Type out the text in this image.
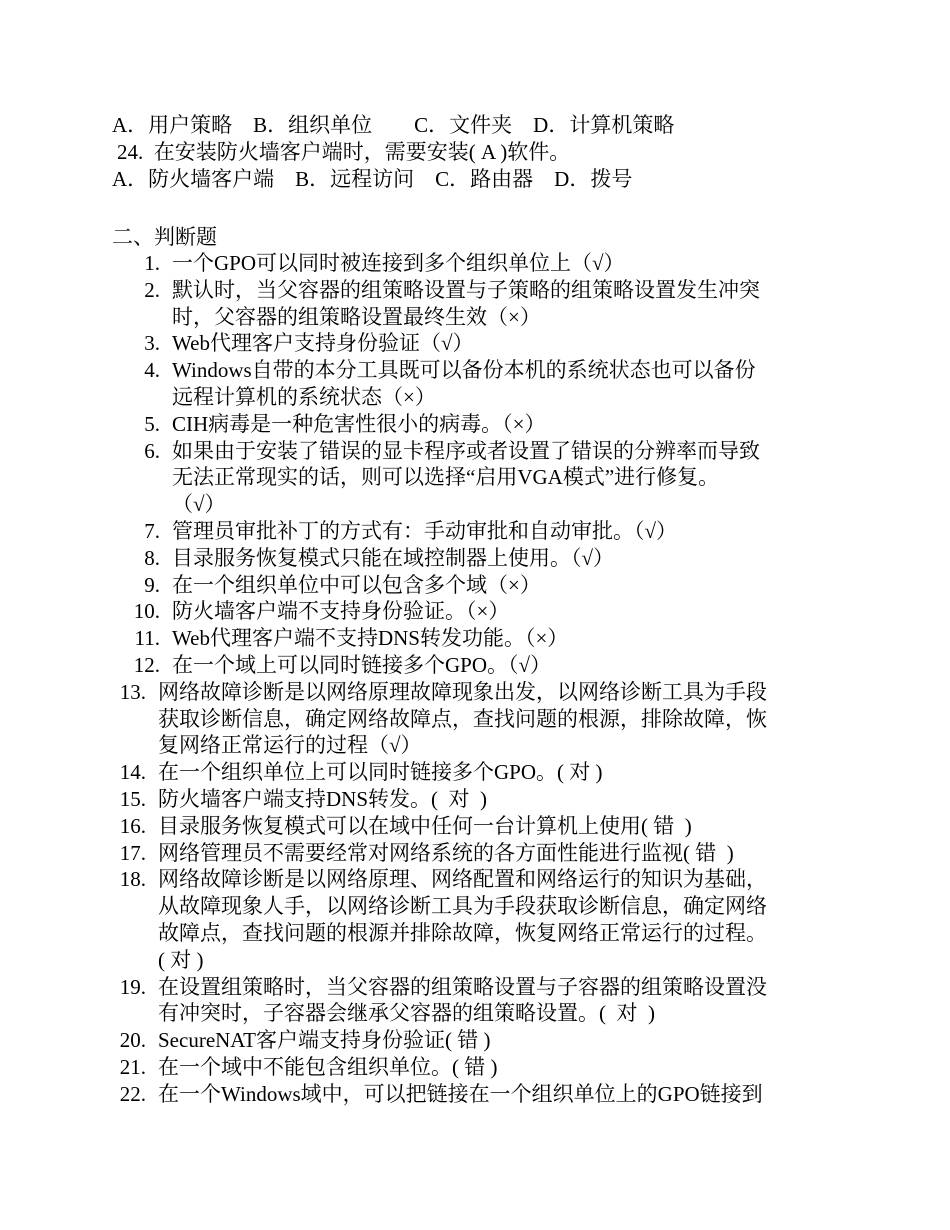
A．用户策略　B．组织单位　　C．文件夹　D．计算机策略
24.  在安装防火墙客户端时，需要安装( A )软件。
A．防火墙客户端　B．远程访问　C．路由器　D．拨号
二、判断题
1. 一个GPO可以同时被连接到多个组织单位上（√）
2. 默认时，当父容器的组策略设置与子策略的组策略设置发生冲突
时，父容器的组策略设置最终生效（×）
3. Web代理客户支持身份验证（√）
4. Windows自带的本分工具既可以备份本机的系统状态也可以备份
远程计算机的系统状态（×）
5. CIH病毒是一种危害性很小的病毒。（×）
6. 如果由于安装了错误的显卡程序或者设置了错误的分辨率而导致
无法正常现实的话，则可以选择“启用VGA模式”进行修复。
（√）
7. 管理员审批补丁的方式有：手动审批和自动审批。（√）
8. 目录服务恢复模式只能在域控制器上使用。（√）
9. 在一个组织单位中可以包含多个域（×）
10. 防火墙客户端不支持身份验证。（×）
11. Web代理客户端不支持DNS转发功能。（×）
12. 在一个域上可以同时链接多个GPO。（√）
13. 网络故障诊断是以网络原理故障现象出发，以网络诊断工具为手段
获取诊断信息，确定网络故障点，查找问题的根源，排除故障，恢
复网络正常运行的过程（√）
14. 在一个组织单位上可以同时链接多个GPO。( 对 )
15. 防火墙客户端支持DNS转发。(  对  )
16. 目录服务恢复模式可以在域中任何一台计算机上使用( 错  )
17. 网络管理员不需要经常对网络系统的各方面性能进行监视( 错  )
18. 网络故障诊断是以网络原理、网络配置和网络运行的知识为基础，
从故障现象人手，以网络诊断工具为手段获取诊断信息，确定网络
故障点，查找问题的根源并排除故障，恢复网络正常运行的过程。
( 对 )
19. 在设置组策略时，当父容器的组策略设置与子容器的组策略设置没
有冲突时，子容器会继承父容器的组策略设置。(  对  )
20. SecureNAT客户端支持身份验证( 错 )
21. 在一个域中不能包含组织单位。( 错 )
22. 在一个Windows域中，可以把链接在一个组织单位上的GPO链接到
